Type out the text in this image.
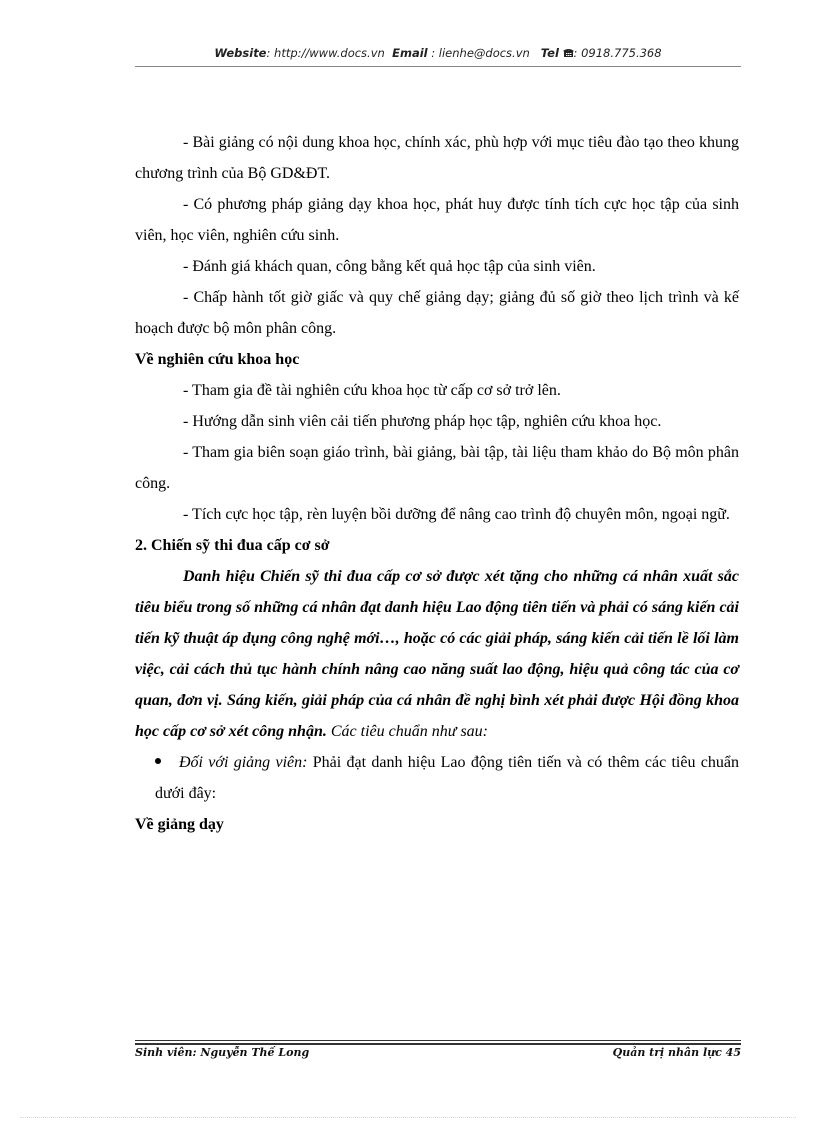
Website: http://www.docs.vn Email : lienhe@docs.vn Tel : 0918.775.368

- Bài giảng có nội dung khoa học, chính xác, phù hợp với mục tiêu đào tạo theo khung chương trình của Bộ GD&ĐT.

- Có phương pháp giảng dạy khoa học, phát huy được tính tích cực học tập của sinh viên, học viên, nghiên cứu sinh.

- Đánh giá khách quan, công bằng kết quả học tập của sinh viên.

- Chấp hành tốt giờ giấc và quy chế giảng dạy; giảng đủ số giờ theo lịch trình và kế hoạch được bộ môn phân công.

Về nghiên cứu khoa học

- Tham gia đề tài nghiên cứu khoa học từ cấp cơ sở trở lên.

- Hướng dẫn sinh viên cải tiến phương pháp học tập, nghiên cứu khoa học.

- Tham gia biên soạn giáo trình, bài giảng, bài tập, tài liệu tham khảo do Bộ môn phân công.

- Tích cực học tập, rèn luyện bồi dưỡng để nâng cao trình độ chuyên môn, ngoại ngữ.

2. Chiến sỹ thi đua cấp cơ sở

Danh hiệu Chiến sỹ thi đua cấp cơ sở được xét tặng cho những cá nhân xuất sắc tiêu biểu trong số những cá nhân đạt danh hiệu Lao động tiên tiến và phải có sáng kiến cải tiến kỹ thuật áp dụng công nghệ mới…, hoặc có các giải pháp, sáng kiến cải tiến lề lối làm việc, cải cách thủ tục hành chính nâng cao năng suất lao động, hiệu quả công tác của cơ quan, đơn vị. Sáng kiến, giải pháp của cá nhân đề nghị bình xét phải được Hội đồng khoa học cấp cơ sở xét công nhận. Các tiêu chuẩn như sau:

Đối với giảng viên: Phải đạt danh hiệu Lao động tiên tiến và có thêm các tiêu chuẩn dưới đây:

Về giảng dạy

Sinh viên: Nguyễn Thế Long	Quản trị nhân lực 45
